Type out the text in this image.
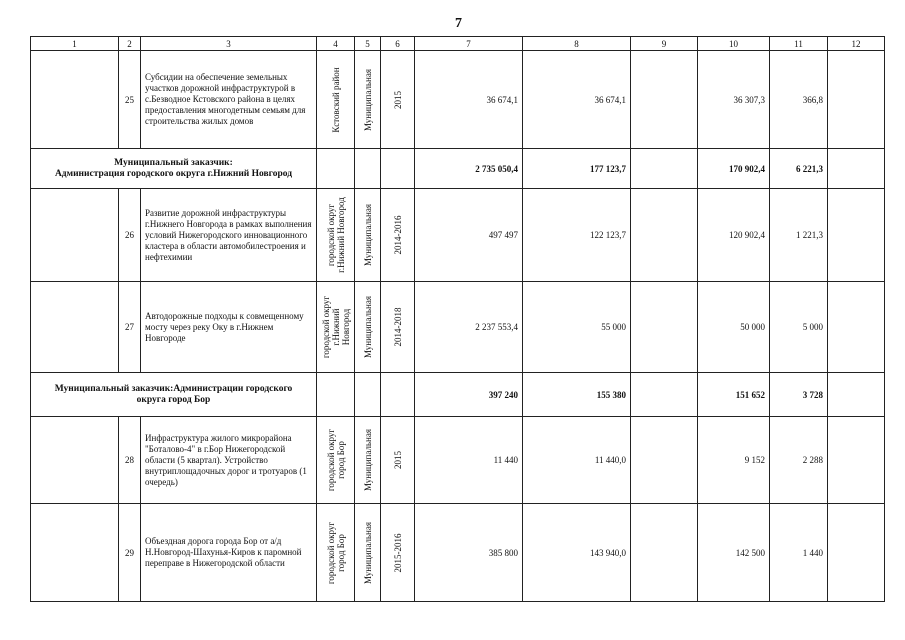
7
1	2	3	4	5	6	7	8	9	10	11	12
	25	Субсидии на обеспечение земельных участков дорожной инфраструктурой в с.Безводное Кстовского района в целях предоставления многодетным семьям для строительства жилых домов	Кстовский район	Муниципальная	2015	36 674,1	36 674,1		36 307,3	366,8	

Муниципальный заказчик:
Администрация городского округа г.Нижний Новгород						2 735 050,4	177 123,7		170 902,4	6 221,3	
	26	Развитие дорожной инфраструктуры г.Нижнего Новгорода в рамках выполнения условий Нижегородского инновационного кластера в области автомобилестроения и нефтехимии	городской округ г.Нижний Новгород	Муниципальная	2014-2016	497 497	122 123,7		120 902,4	1 221,3	
	27	Автодорожные подходы к совмещенному мосту через реку Оку в г.Нижнем Новгороде	городской округ г.Нижний Новгород	Муниципальная	2014-2018	2 237 553,4	55 000		50 000	5 000	

Муниципальный заказчик:Администрации городского
округа город Бор						397 240	155 380		151 652	3 728	
	28	Инфраструктура жилого микрорайона "Боталово-4" в г.Бор Нижегородской области (5 квартал). Устройство внутриплощадочных дорог и тротуаров (1 очередь)	городской округ город Бор	Муниципальная	2015	11 440	11 440,0		9 152	2 288	
	29	Объездная дорога города Бор от а/д Н.Новгород-Шахунья-Киров к паромной переправе в Нижегородской области	городской округ город Бор	Муниципальная	2015-2016	385 800	143 940,0		142 500	1 440	
